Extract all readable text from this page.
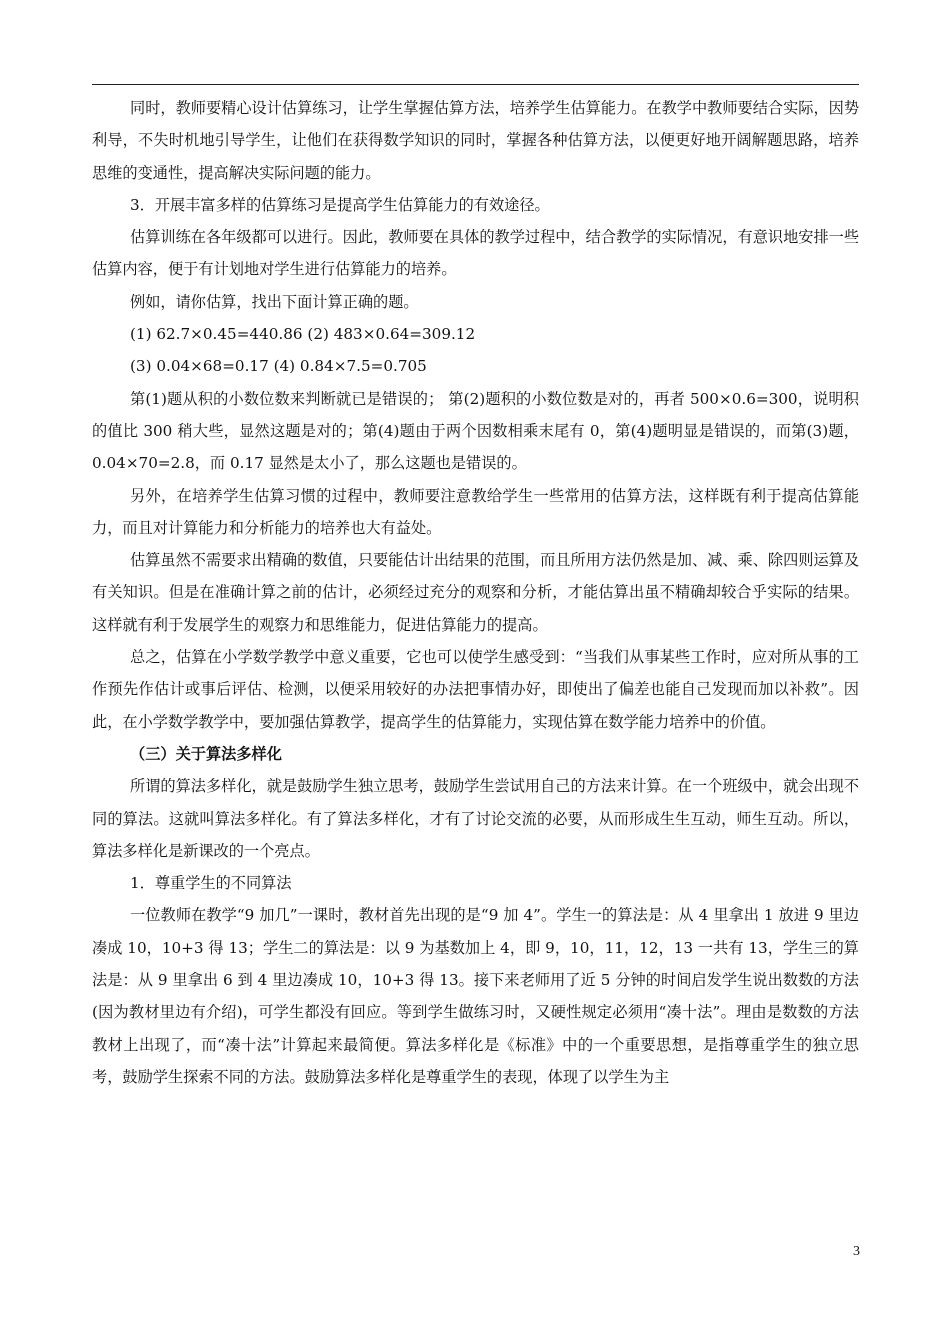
同时，教师要精心设计估算练习，让学生掌握估算方法，培养学生估算能力。在教学中教师要结合实际，因势利导，不失时机地引导学生，让他们在获得数学知识的同时，掌握各种估算方法，以便更好地开阔解题思路，培养思维的变通性，提高解决实际问题的能力。

3．开展丰富多样的估算练习是提高学生估算能力的有效途径。

估算训练在各年级都可以进行。因此，教师要在具体的教学过程中，结合教学的实际情况，有意识地安排一些估算内容，便于有计划地对学生进行估算能力的培养。

例如，请你估算，找出下面计算正确的题。

(1) 62.7×0.45=440.86 (2) 483×0.64=309.12

(3) 0.04×68=0.17 (4) 0.84×7.5=0.705

第(1)题从积的小数位数来判断就已是错误的； 第(2)题积的小数位数是对的，再者 500×0.6=300，说明积的值比 300 稍大些，显然这题是对的；第(4)题由于两个因数相乘末尾有 0，第(4)题明显是错误的，而第(3)题，0.04×70=2.8，而 0.17 显然是太小了，那么这题也是错误的。

另外，在培养学生估算习惯的过程中，教师要注意教给学生一些常用的估算方法，这样既有利于提高估算能力，而且对计算能力和分析能力的培养也大有益处。

估算虽然不需要求出精确的数值，只要能估计出结果的范围，而且所用方法仍然是加、减、乘、除四则运算及有关知识。但是在准确计算之前的估计，必须经过充分的观察和分析，才能估算出虽不精确却较合乎实际的结果。这样就有利于发展学生的观察力和思维能力，促进估算能力的提高。

总之，估算在小学数学教学中意义重要，它也可以使学生感受到：“当我们从事某些工作时，应对所从事的工作预先作估计或事后评估、检测，以便采用较好的办法把事情办好，即使出了偏差也能自己发现而加以补救”。因此，在小学数学教学中，要加强估算教学，提高学生的估算能力，实现估算在数学能力培养中的价值。

（三）关于算法多样化

所谓的算法多样化，就是鼓励学生独立思考，鼓励学生尝试用自己的方法来计算。在一个班级中，就会出现不同的算法。这就叫算法多样化。有了算法多样化，才有了讨论交流的必要，从而形成生生互动，师生互动。所以，算法多样化是新课改的一个亮点。

1．尊重学生的不同算法

一位教师在教学“9 加几”一课时，教材首先出现的是“9 加 4”。学生一的算法是：从 4 里拿出 1 放进 9 里边凑成 10，10+3 得 13；学生二的算法是：以 9 为基数加上 4，即 9，10，11，12，13 一共有 13，学生三的算法是：从 9 里拿出 6 到 4 里边凑成 10，10+3 得 13。接下来老师用了近 5 分钟的时间启发学生说出数数的方法(因为教材里边有介绍)，可学生都没有回应。等到学生做练习时，又硬性规定必须用“凑十法”。理由是数数的方法教材上出现了，而“凑十法”计算起来最简便。算法多样化是《标准》中的一个重要思想，是指尊重学生的独立思考，鼓励学生探索不同的方法。鼓励算法多样化是尊重学生的表现，体现了以学生为主

3
